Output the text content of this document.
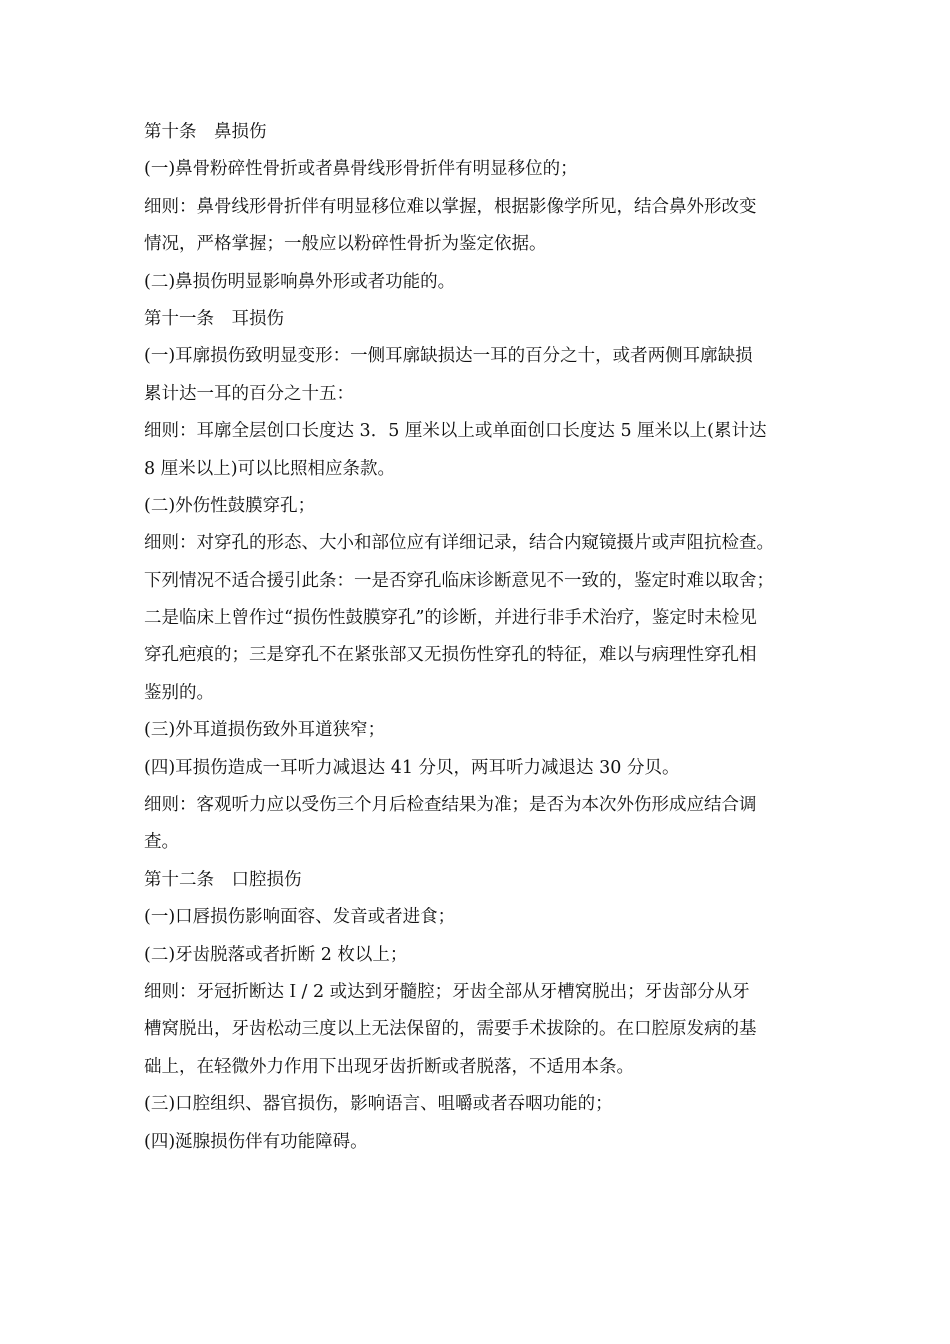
第十条　鼻损伤
(一)鼻骨粉碎性骨折或者鼻骨线形骨折伴有明显移位的；
细则：鼻骨线形骨折伴有明显移位难以掌握，根据影像学所见，结合鼻外形改变
情况，严格掌握；一般应以粉碎性骨折为鉴定依据。
(二)鼻损伤明显影响鼻外形或者功能的。
第十一条　耳损伤
(一)耳廓损伤致明显变形：一侧耳廓缺损达一耳的百分之十，或者两侧耳廓缺损
累计达一耳的百分之十五：
细则：耳廓全层创口长度达 3．5 厘米以上或单面创口长度达 5 厘米以上(累计达
8 厘米以上)可以比照相应条款。
(二)外伤性鼓膜穿孔；
细则：对穿孔的形态、大小和部位应有详细记录，结合内窥镜摄片或声阻抗检查。
下列情况不适合援引此条：一是否穿孔临床诊断意见不一致的，鉴定时难以取舍；
二是临床上曾作过“损伤性鼓膜穿孔”的诊断，并进行非手术治疗，鉴定时未检见
穿孔疤痕的；三是穿孔不在紧张部又无损伤性穿孔的特征，难以与病理性穿孔相
鉴别的。
(三)外耳道损伤致外耳道狭窄；
(四)耳损伤造成一耳听力减退达 41 分贝，两耳听力减退达 30 分贝。
细则：客观听力应以受伤三个月后检查结果为准；是否为本次外伤形成应结合调
查。
第十二条　口腔损伤
(一)口唇损伤影响面容、发音或者进食；
(二)牙齿脱落或者折断 2 枚以上；
细则：牙冠折断达Ｉ/ 2 或达到牙髓腔；牙齿全部从牙槽窝脱出；牙齿部分从牙
槽窝脱出，牙齿松动三度以上无法保留的，需要手术拔除的。在口腔原发病的基
础上，在轻微外力作用下出现牙齿折断或者脱落，不适用本条。
(三)口腔组织、器官损伤，影响语言、咀嚼或者吞咽功能的；
(四)涎腺损伤伴有功能障碍。
